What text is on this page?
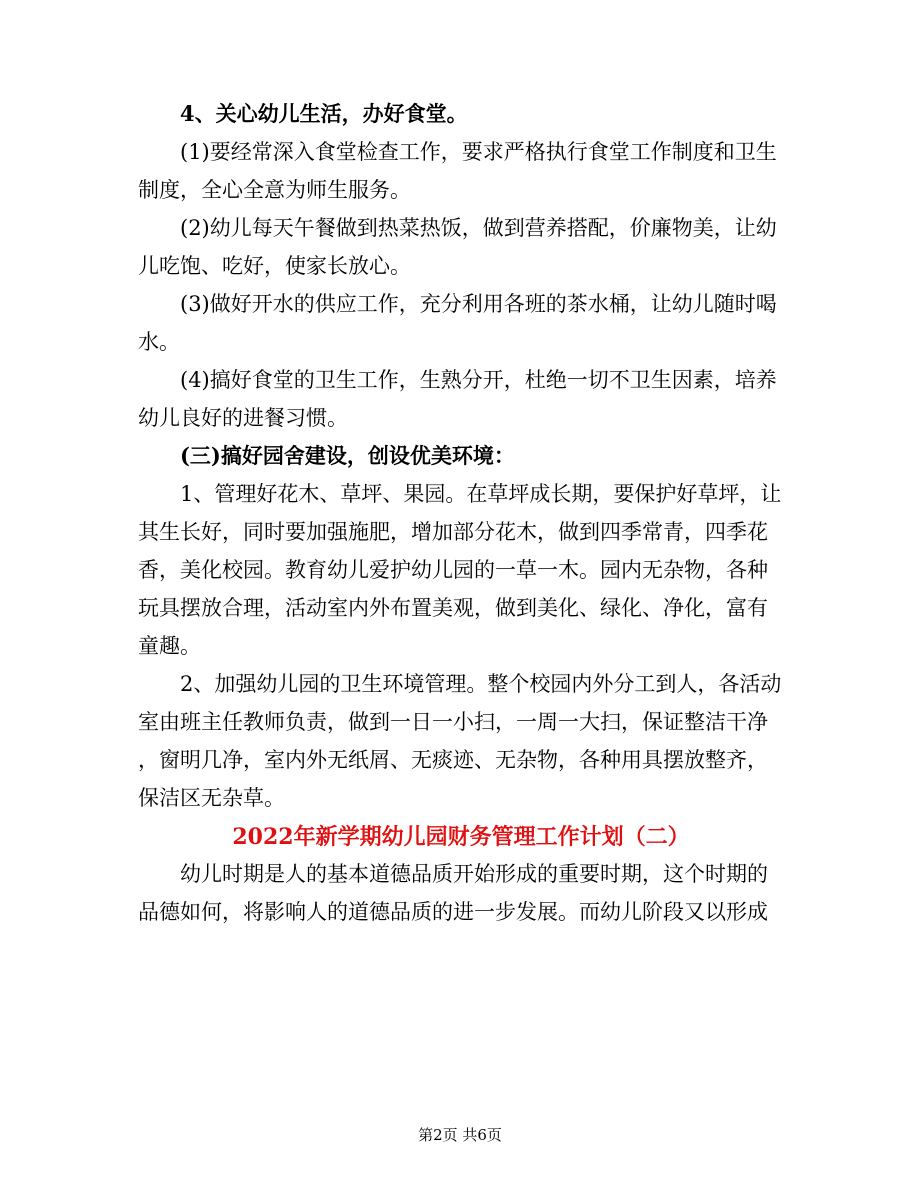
　　4、关心幼儿生活，办好食堂。

　　(1)要经常深入食堂检查工作，要求严格执行食堂工作制度和卫生

制度，全心全意为师生服务。

　　(2)幼儿每天午餐做到热菜热饭，做到营养搭配，价廉物美，让幼

儿吃饱、吃好，使家长放心。

　　(3)做好开水的供应工作，充分利用各班的茶水桶，让幼儿随时喝

水。

　　(4)搞好食堂的卫生工作，生熟分开，杜绝一切不卫生因素，培养

幼儿良好的进餐习惯。

　　(三)搞好园舍建设，创设优美环境：

　　1、管理好花木、草坪、果园。在草坪成长期，要保护好草坪，让

其生长好，同时要加强施肥，增加部分花木，做到四季常青，四季花

香，美化校园。教育幼儿爱护幼儿园的一草一木。园内无杂物，各种

玩具摆放合理，活动室内外布置美观，做到美化、绿化、净化，富有

童趣。

　　2、加强幼儿园的卫生环境管理。整个校园内外分工到人，各活动

室由班主任教师负责，做到一日一小扫，一周一大扫，保证整洁干净

，窗明几净，室内外无纸屑、无痰迹、无杂物，各种用具摆放整齐，

保洁区无杂草。

2022年新学期幼儿园财务管理工作计划（二）

　　幼儿时期是人的基本道德品质开始形成的重要时期，这个时期的

品德如何，将影响人的道德品质的进一步发展。而幼儿阶段又以形成

第2页 共6页
